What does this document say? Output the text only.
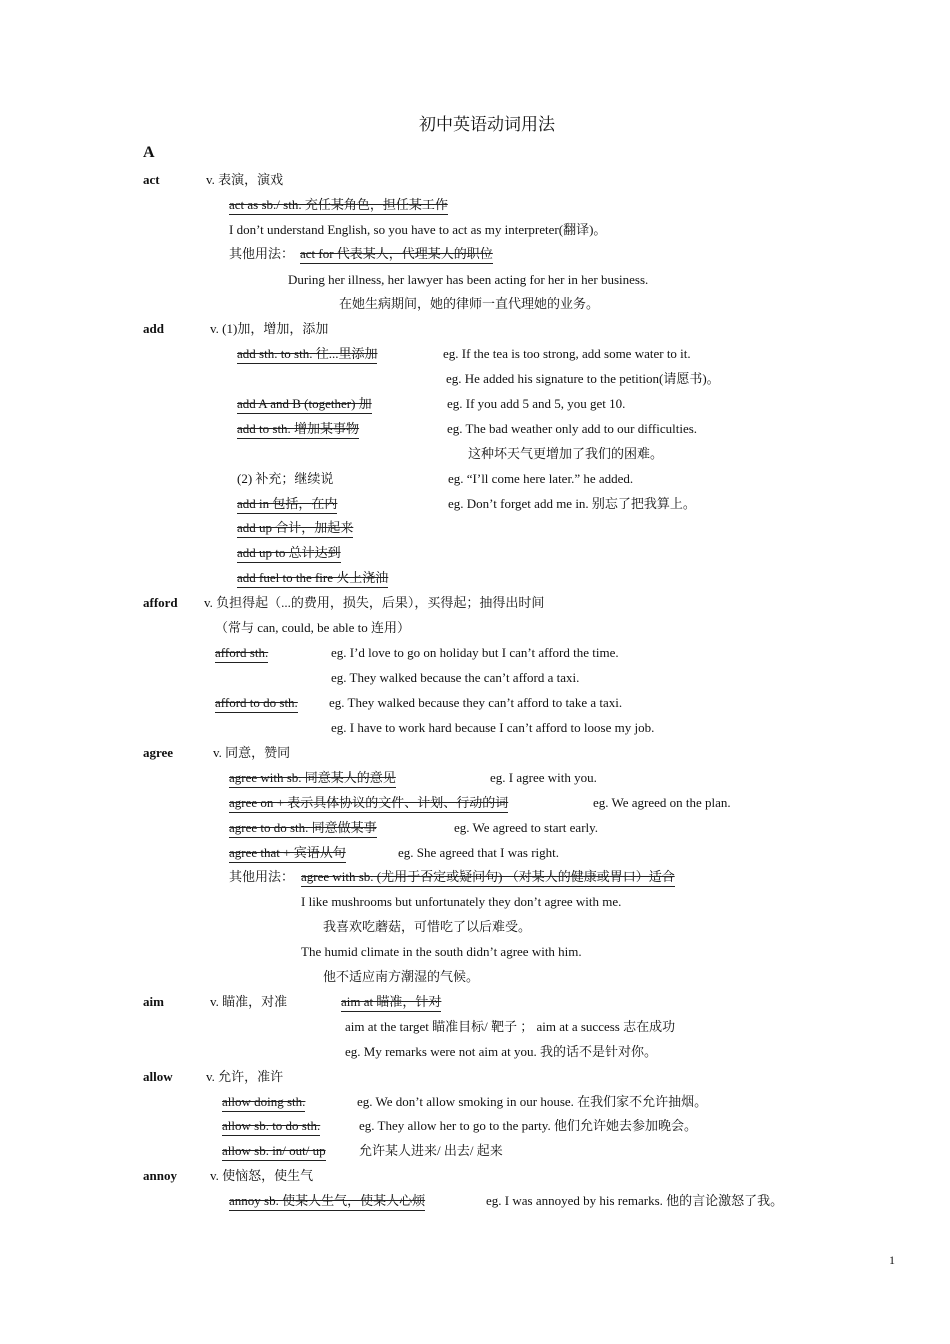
初中英语动词用法
A
act	v. 表演，演戏
act as sb./ sth. 充任某角色，担任某工作
I don’t understand English, so you have to act as my interpreter(翻译)。
其他用法： act for 代表某人，代理某人的职位
During her illness, her lawyer has been acting for her in her business.
在她生病期间，她的律师一直代理她的业务。
add	v. (1)加，增加，添加
add sth. to sth. 往...里添加	eg. If the tea is too strong, add some water to it.
eg. He added his signature to the petition(请愿书)。
add A and B (together) 加	eg. If you add 5 and 5, you get 10.
add to sth. 增加某事物	eg. The bad weather only add to our difficulties.
这种坏天气更增加了我们的困难。
(2) 补充；继续说	eg. “I’ll come here later.” he added.
add in 包括，在内	eg. Don’t forget add me in. 别忘了把我算上。
add up 合计，加起来
add up to 总计达到
add fuel to the fire 火上浇油
afford v. 负担得起（...的费用，损失，后果），买得起；抽得出时间
（常与 can, could, be able to 连用）
afford sth.	eg. I’d love to go on holiday but I can’t afford the time.
eg. They walked because the can’t afford a taxi.
afford to do sth. eg. They walked because they can’t afford to take a taxi.
eg. I have to work hard because I can’t afford to loose my job.
agree	v. 同意，赞同
agree with sb. 同意某人的意见	eg. I agree with you.
agree on + 表示具体协议的文件、计划、行动的词	eg. We agreed on the plan.
agree to do sth. 同意做某事	eg. We agreed to start early.
agree that + 宾语从句	eg. She agreed that I was right.
其他用法： agree with sb. (尤用于否定或疑问句) （对某人的健康或胃口）适合
I like mushrooms but unfortunately they don’t agree with me.
我喜欢吃蘑菇，可惜吃了以后难受。
The humid climate in the south didn’t agree with him.
他不适应南方潮湿的气候。
aim	v. 瞄准，对准	aim at 瞄准，针对
aim at the target 瞄准目标/ 靶子 ； aim at a success 志在成功
eg. My remarks were not aim at you. 我的话不是针对你。
allow	v. 允许，准许
allow doing sth.	eg. We don’t allow smoking in our house. 在我们家不允许抽烟。
allow sb. to do sth.	eg. They allow her to go to the party. 他们允许她去参加晚会。
allow sb. in/ out/ up	允许某人进来/ 出去/ 起来
annoy	v. 使恼怒，使生气
annoy sb. 使某人生气，使某人心烦	eg. I was annoyed by his remarks. 他的言论激怒了我。
1
